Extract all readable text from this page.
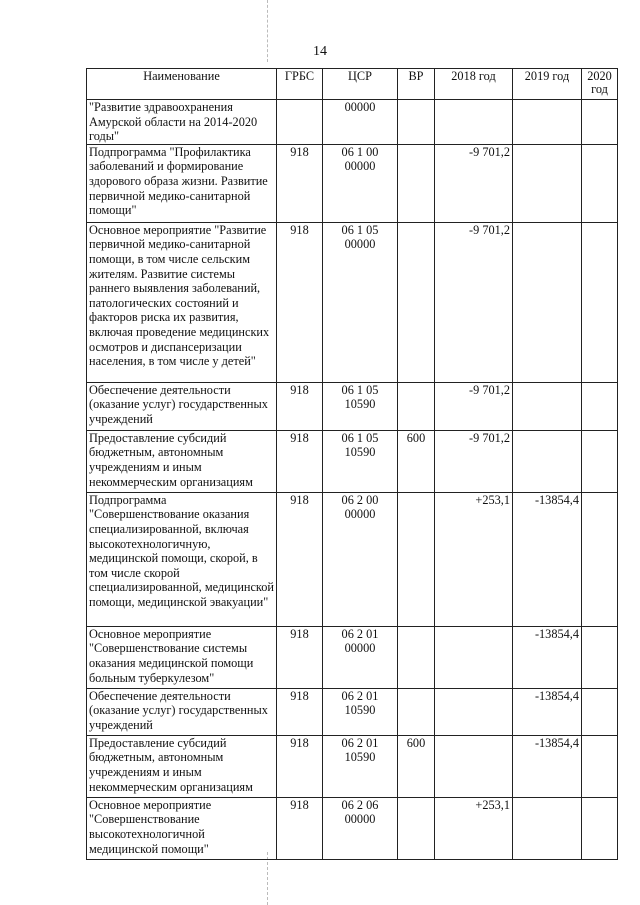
14
Наименование	ГРБС	ЦСР	ВР	2018 год	2019 год	2020 год
"Развитие здравоохранения Амурской области на 2014-2020 годы"		00000				
Подпрограмма "Профилактика заболеваний и формирование здорового образа жизни. Развитие первичной медико-санитарной помощи"	918	06 1 00 00000		-9 701,2		
Основное мероприятие "Развитие первичной медико-санитарной помощи, в том числе сельским жителям. Развитие системы раннего выявления заболеваний, патологических состояний и факторов риска их развития, включая проведение медицинских осмотров и диспансеризации населения, в том числе у детей"	918	06 1 05 00000		-9 701,2		
Обеспечение деятельности (оказание услуг) государственных учреждений	918	06 1 05 10590		-9 701,2		
Предоставление субсидий бюджетным, автономным учреждениям и иным некоммерческим организациям	918	06 1 05 10590	600	-9 701,2		
Подпрограмма "Совершенствование оказания специализированной, включая высокотехнологичную, медицинской помощи, скорой, в том числе скорой специализированной, медицинской помощи, медицинской эвакуации"	918	06 2 00 00000		+253,1	-13854,4	
Основное мероприятие "Совершенствование системы оказания медицинской помощи больным туберкулезом"	918	06 2 01 00000			-13854,4	
Обеспечение деятельности (оказание услуг) государственных учреждений	918	06 2 01 10590			-13854,4	
Предоставление субсидий бюджетным, автономным учреждениям и иным некоммерческим организациям	918	06 2 01 10590	600		-13854,4	
Основное мероприятие "Совершенствование высокотехнологичной медицинской помощи"	918	06 2 06 00000		+253,1		
